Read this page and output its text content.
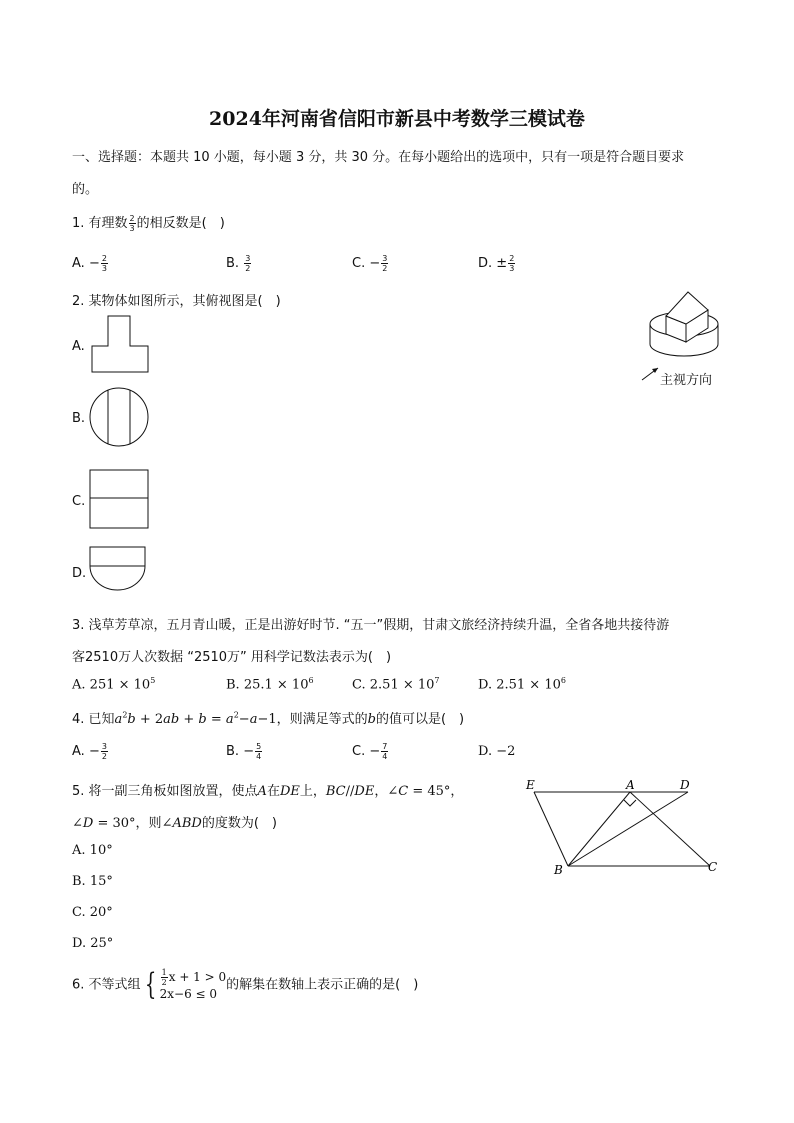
2024年河南省信阳市新县中考数学三模试卷
一、选择题：本题共 10 小题，每小题 3 分，共 30 分。在每小题给出的选项中，只有一项是符合题目要求
的。
1. 有理数 $\frac{2}{3}$ 的相反数是( )
A. − $\frac{2}{3}$	B. $\frac{3}{2}$	C. − $\frac{3}{2}$	D. ± $\frac{2}{3}$
2. 某物体如图所示，其俯视图是( )
主视方向
A.
B.
C.
D.
3. 浅草芳草凉，五月青山暖，正是出游好时节. “五一”假期，甘肃文旅经济持续升温，全省各地共接待游
客2510万人次数据 “2510万” 用科学记数法表示为( )
A. $251 \times 10^5$	B. $25.1 \times 10^6$	C. $2.51 \times 10^7$	D. $2.51 \times 10^6$
4. 已知$a^2b + 2ab + b = a^2-a-1$，则满足等式的b的值可以是( )
A. − $\frac{3}{2}$	B. − $\frac{5}{4}$	C. − $\frac{7}{4}$	D. −2
5. 将一副三角板如图放置，使点A在DE上，BC//DE，∠C = 45°，
∠D = 30°，则∠ABD的度数为( )
A. 10°
B. 15°
C. 20°
D. 25°
E	A	D
B	C
6. 不等式组 { $\frac{1}{2}$ x + 1 > 0
2x−6 ≤ 0
的解集在数轴上表示正确的是( )
